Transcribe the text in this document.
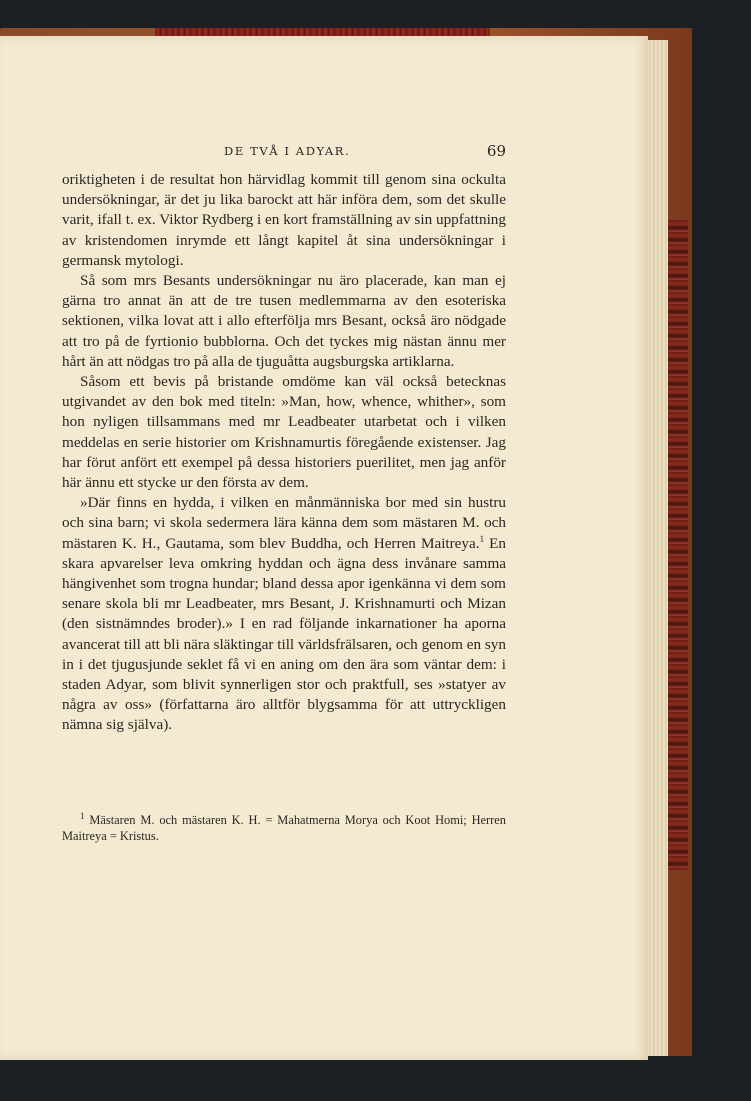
DE TVÅ I ADYAR.	69

oriktigheten i de resultat hon härvidlag kommit till genom sina ockulta undersökningar, är det ju lika barockt att här införa dem, som det skulle varit, ifall t. ex. Viktor Rydberg i en kort framställning av sin uppfattning av kristendomen inrymde ett långt kapitel åt sina undersökningar i germansk mytologi.

Så som mrs Besants undersökningar nu äro placerade, kan man ej gärna tro annat än att de tre tusen medlemmarna av den esoteriska sektionen, vilka lovat att i allo efterfölja mrs Besant, också äro nödgade att tro på de fyrtionio bubblorna. Och det tyckes mig nästan ännu mer hårt än att nödgas tro på alla de tjuguåtta augsburgska artiklarna.

Såsom ett bevis på bristande omdöme kan väl också betecknas utgivandet av den bok med titeln: »Man, how, whence, whither», som hon nyligen tillsammans med mr Leadbeater utarbetat och i vilken meddelas en serie historier om Krishnamurtis föregående existenser. Jag har förut anfört ett exempel på dessa historiers puerilitet, men jag anför här ännu ett stycke ur den första av dem.

»Där finns en hydda, i vilken en månmänniska bor med sin hustru och sina barn; vi skola sedermera lära känna dem som mästaren M. och mästaren K. H., Gautama, som blev Buddha, och Herren Maitreya.$^1$ En skara apvarelser leva omkring hyddan och ägna dess invånare samma hängivenhet som trogna hundar; bland dessa apor igenkänna vi dem som senare skola bli mr Leadbeater, mrs Besant, J. Krishnamurti och Mizan (den sistnämndes broder).» I en rad följande inkarnationer ha aporna avancerat till att bli nära släktingar till världsfrälsaren, och genom en syn in i det tjugusjunde seklet få vi en aning om den ära som väntar dem: i staden Adyar, som blivit synnerligen stor och praktfull, ses »statyer av några av oss» (författarna äro alltför blygsamma för att uttryckligen nämna sig själva).

$^1$ Mästaren M. och mästaren K. H. = Mahatmerna Morya och Koot Homi; Herren Maitreya = Kristus.
